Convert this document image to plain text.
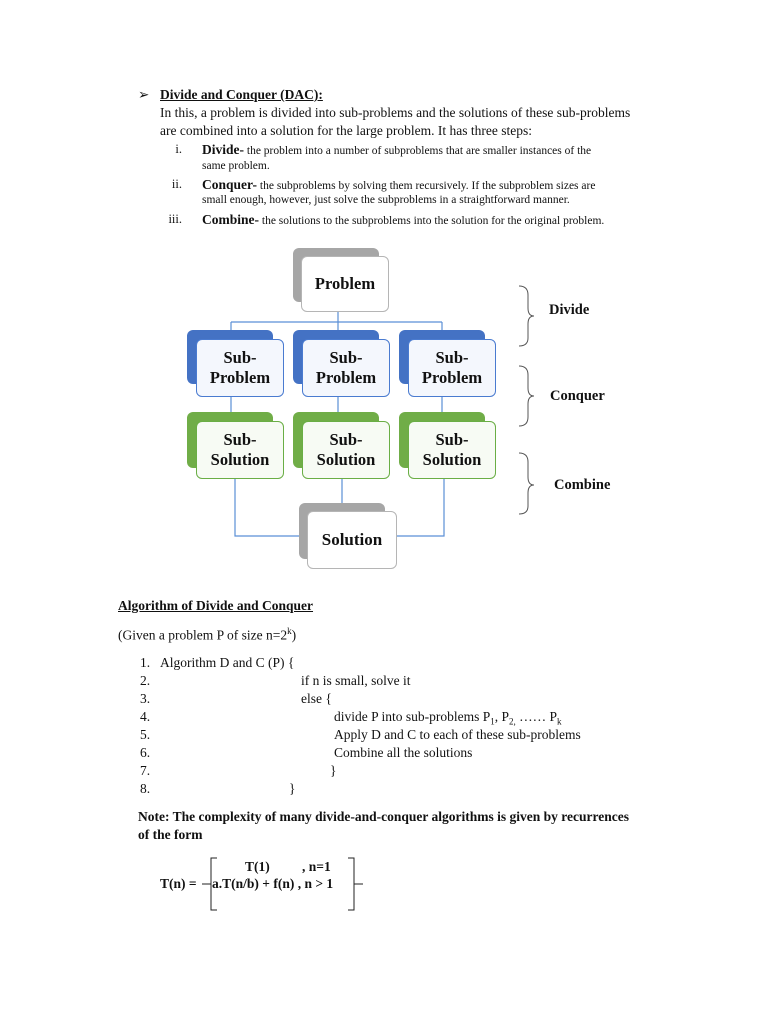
➢ Divide and Conquer (DAC):
In this, a problem is divided into sub-problems and the solutions of these sub-problems
are combined into a solution for the large problem. It has three steps:
i. Divide- the problem into a number of subproblems that are smaller instances of the
same problem.
ii. Conquer- the subproblems by solving them recursively. If the subproblem sizes are
small enough, however, just solve the subproblems in a straightforward manner.
iii. Combine- the solutions to the subproblems into the solution for the original problem.
Problem
Sub-
Problem
Sub-
Problem
Sub-
Problem
Sub-
Solution
Sub-
Solution
Sub-
Solution
Solution
Divide
Conquer
Combine
Algorithm of Divide and Conquer
(Given a problem P of size $n=2^k$)
1. Algorithm D and C (P) {
2.	if n is small, solve it
3.	else {
4.	divide P into sub-problems $P_1$, $P_{2,}$ …… $P_k$
5.	Apply D and C to each of these sub-problems
6.	Combine all the solutions
7.	}
8.	}
Note: The complexity of many divide-and-conquer algorithms is given by recurrences
of the form
T(n) =
T(1) , n=1
a.T(n/b) + f(n) , n > 1
